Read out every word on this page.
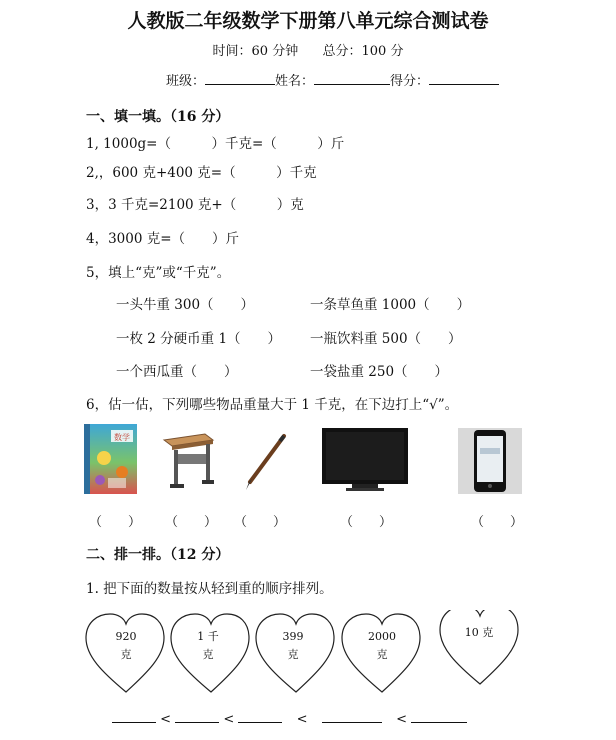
人教版二年级数学下册第八单元综合测试卷
时间：60 分钟 总分：100 分
班级：	姓名：	得分：
一、填一填。（16 分）
1, 1000g=（　　　）千克=（　　　）斤
2,，600 克+400 克=（　　　）千克
3，3 千克=2100 克+（　　　）克
4，3000 克=（　　）斤
5，填上“克”或“千克”。
一头牛重 300（　　）	一条草鱼重 1000（　　）
一枚 2 分硬币重 1（　　） 一瓶饮料重 500（　　）
一个西瓜重（　　）	一袋盐重 250（　　）
6，估一估，下列哪些物品重量大于 1 千克，在下边打上“√”。
数学
（　　） （　　） （　　）	（　　）	（　　）
二、排一排。（12 分）
1. 把下面的数量按从轻到重的顺序排列。
920
克
1 千
克
399
克
2000
克
10 克
<	<	<	<
